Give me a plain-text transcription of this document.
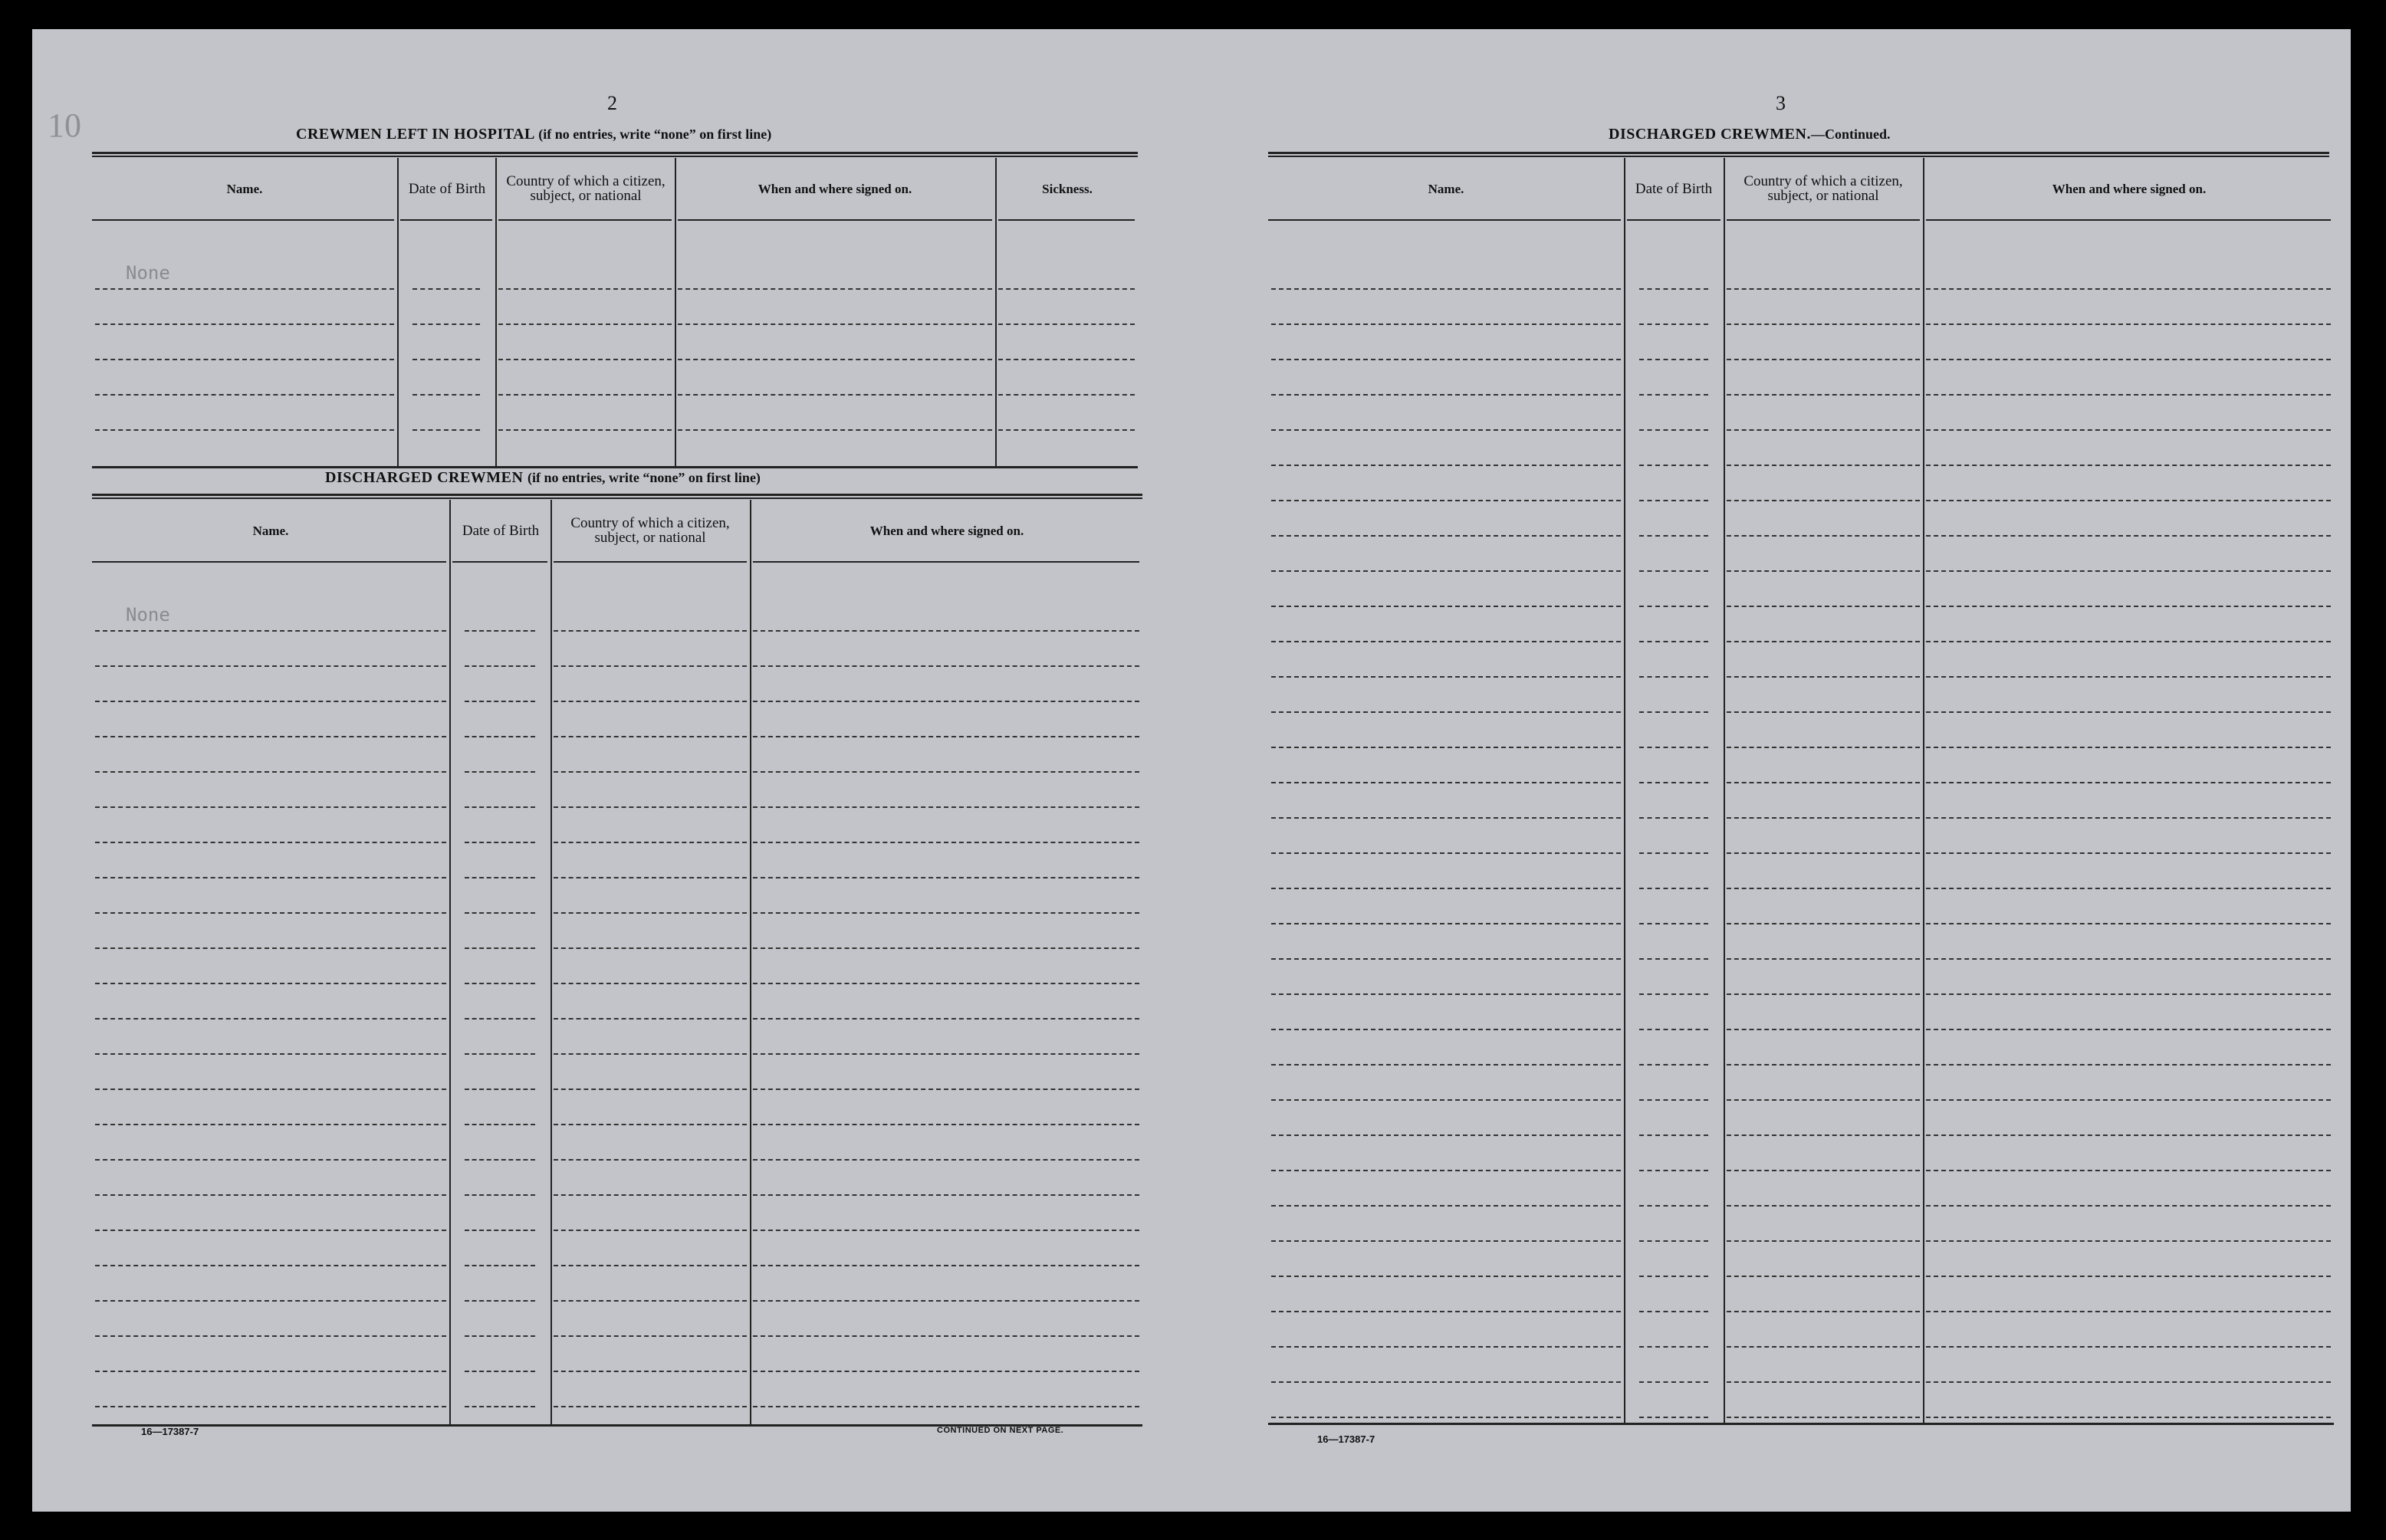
10
2
CREWMEN LEFT IN HOSPITAL (if no entries, write “none” on first line)
Name.	Date of Birth	Country of which a citizen, subject, or national	When and where signed on.	Sickness.
None
DISCHARGED CREWMEN (if no entries, write “none” on first line)
Name.	Date of Birth	Country of which a citizen, subject, or national	When and where signed on.
None
16—17387-7	CONTINUED ON NEXT PAGE.
3
DISCHARGED CREWMEN.—Continued.
Name.	Date of Birth	Country of which a citizen, subject, or national	When and where signed on.
16—17387-7
